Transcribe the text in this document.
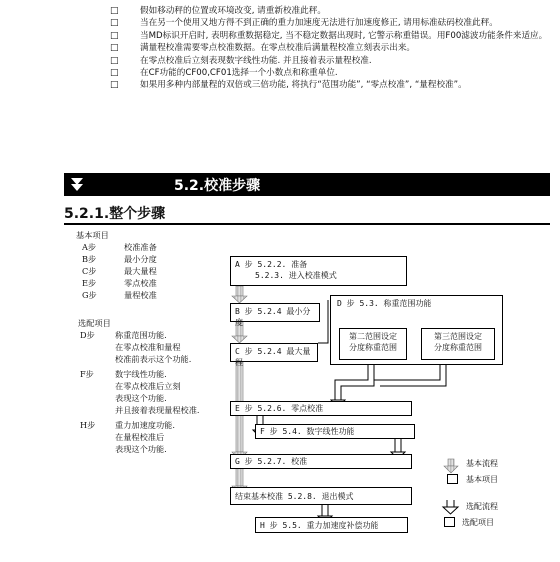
□	假如移动秤的位置或环境改变, 请重新校准此秤。
□	当在另一个使用又地方得不到正确的重力加速度无法进行加速度修正, 请用标准砝码校准此秤。
□	当MD标识开启时, 表明称重数据稳定, 当不稳定数据出现时, 它警示称重错误。用F00滤波功能条件来适应。
□	满量程校准需要零点校准数据。在零点校准后满量程校准立刻表示出来。
□	在零点校准后立刻表现数字线性功能. 并且接着表示量程校准.
□	在CF功能的CF00,CF01选择一个小数点和称重单位.
□	如果用多种内部量程的双倍或三倍功能, 将执行“范围功能”, “零点校准”, “量程校准”。
5.2.校准步骤
5.2.1.整个步骤
基本项目
A步	校准准备
B步	最小分度
C步	最大量程
E步	零点校准
G步	量程校准
选配项目
D步 称重范围功能.
在零点校准和量程
校准前表示这个功能.
F步	数字线性功能.
在零点校准后立刻
表现这个功能.
并且接着表现量程校准.
H步 重力加速度功能.
在量程校准后
表现这个功能.
A 步 5.2.2. 准备
5.2.3. 进入校准模式
B 步 5.2.4 最小分度
C 步 5.2.4 最大量程
D 步 5.3. 称重范围功能
第二范围设定
分度称重范围
第三范围设定
分度称重范围
E 步 5.2.6. 零点校准
F 步 5.4. 数字线性功能
G 步 5.2.7. 校准
结束基本校准 5.2.8. 退出模式
H 步 5.5. 重力加速度补偿功能
基本流程
基本项目
选配流程
选配项目
